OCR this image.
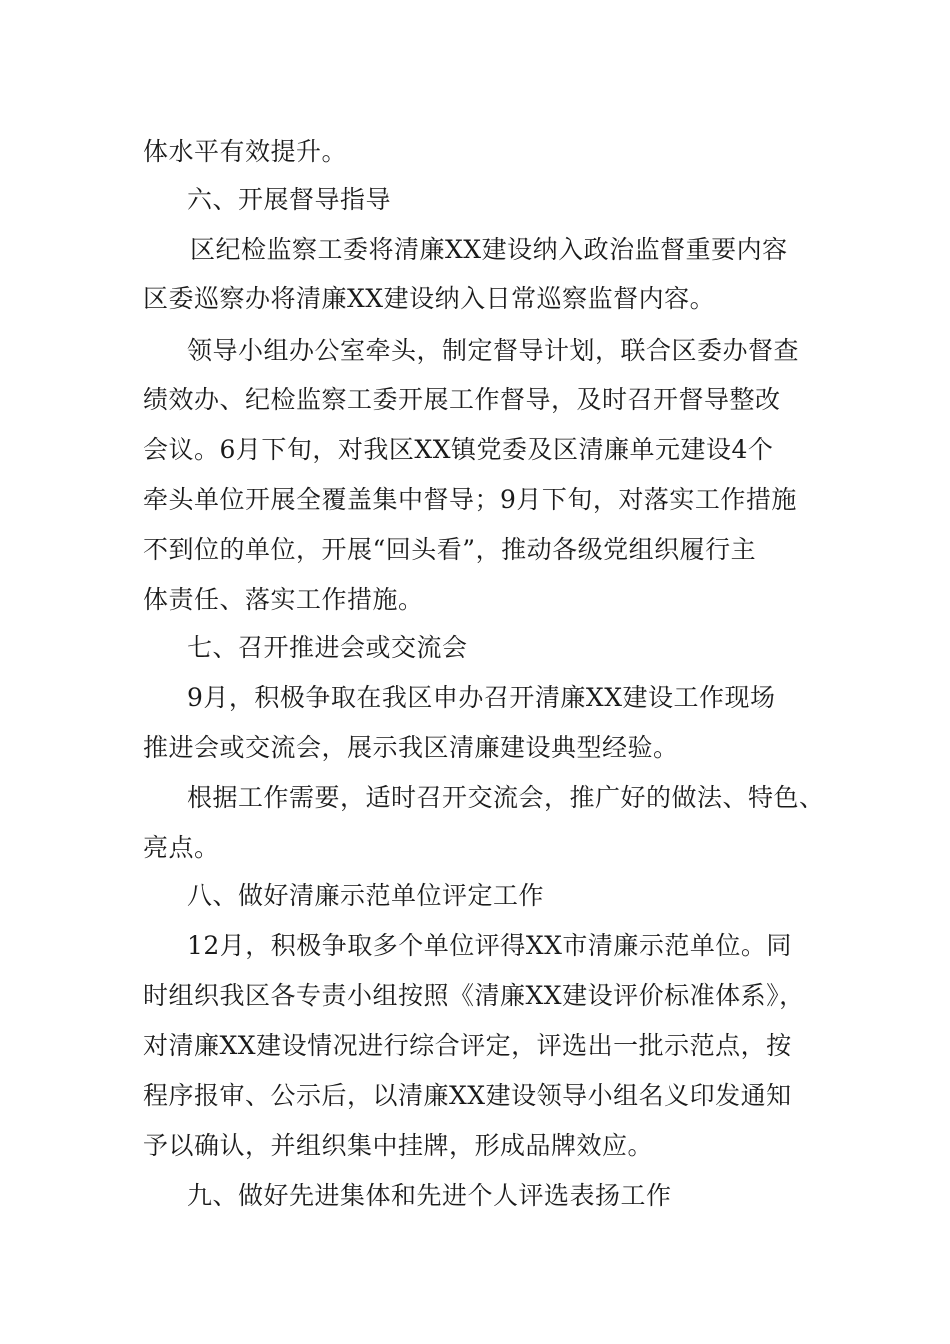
体水平有效提升。
六、开展督导指导
区纪检监察工委将清廉XX建设纳入政治监督重要内容
区委巡察办将清廉XX建设纳入日常巡察监督内容。
领导小组办公室牵头，制定督导计划，联合区委办督查
绩效办、纪检监察工委开展工作督导，及时召开督导整改
会议。6月下旬，对我区XX镇党委及区清廉单元建设4个
牵头单位开展全覆盖集中督导；9月下旬，对落实工作措施
不到位的单位，开展“回头看”，推动各级党组织履行主
体责任、落实工作措施。
七、召开推进会或交流会
9月，积极争取在我区申办召开清廉XX建设工作现场
推进会或交流会，展示我区清廉建设典型经验。
根据工作需要，适时召开交流会，推广好的做法、特色、
亮点。
八、做好清廉示范单位评定工作
12月，积极争取多个单位评得XX市清廉示范单位。同
时组织我区各专责小组按照《清廉XX建设评价标准体系》，
对清廉XX建设情况进行综合评定，评选出一批示范点，按
程序报审、公示后，以清廉XX建设领导小组名义印发通知
予以确认，并组织集中挂牌，形成品牌效应。
九、做好先进集体和先进个人评选表扬工作
